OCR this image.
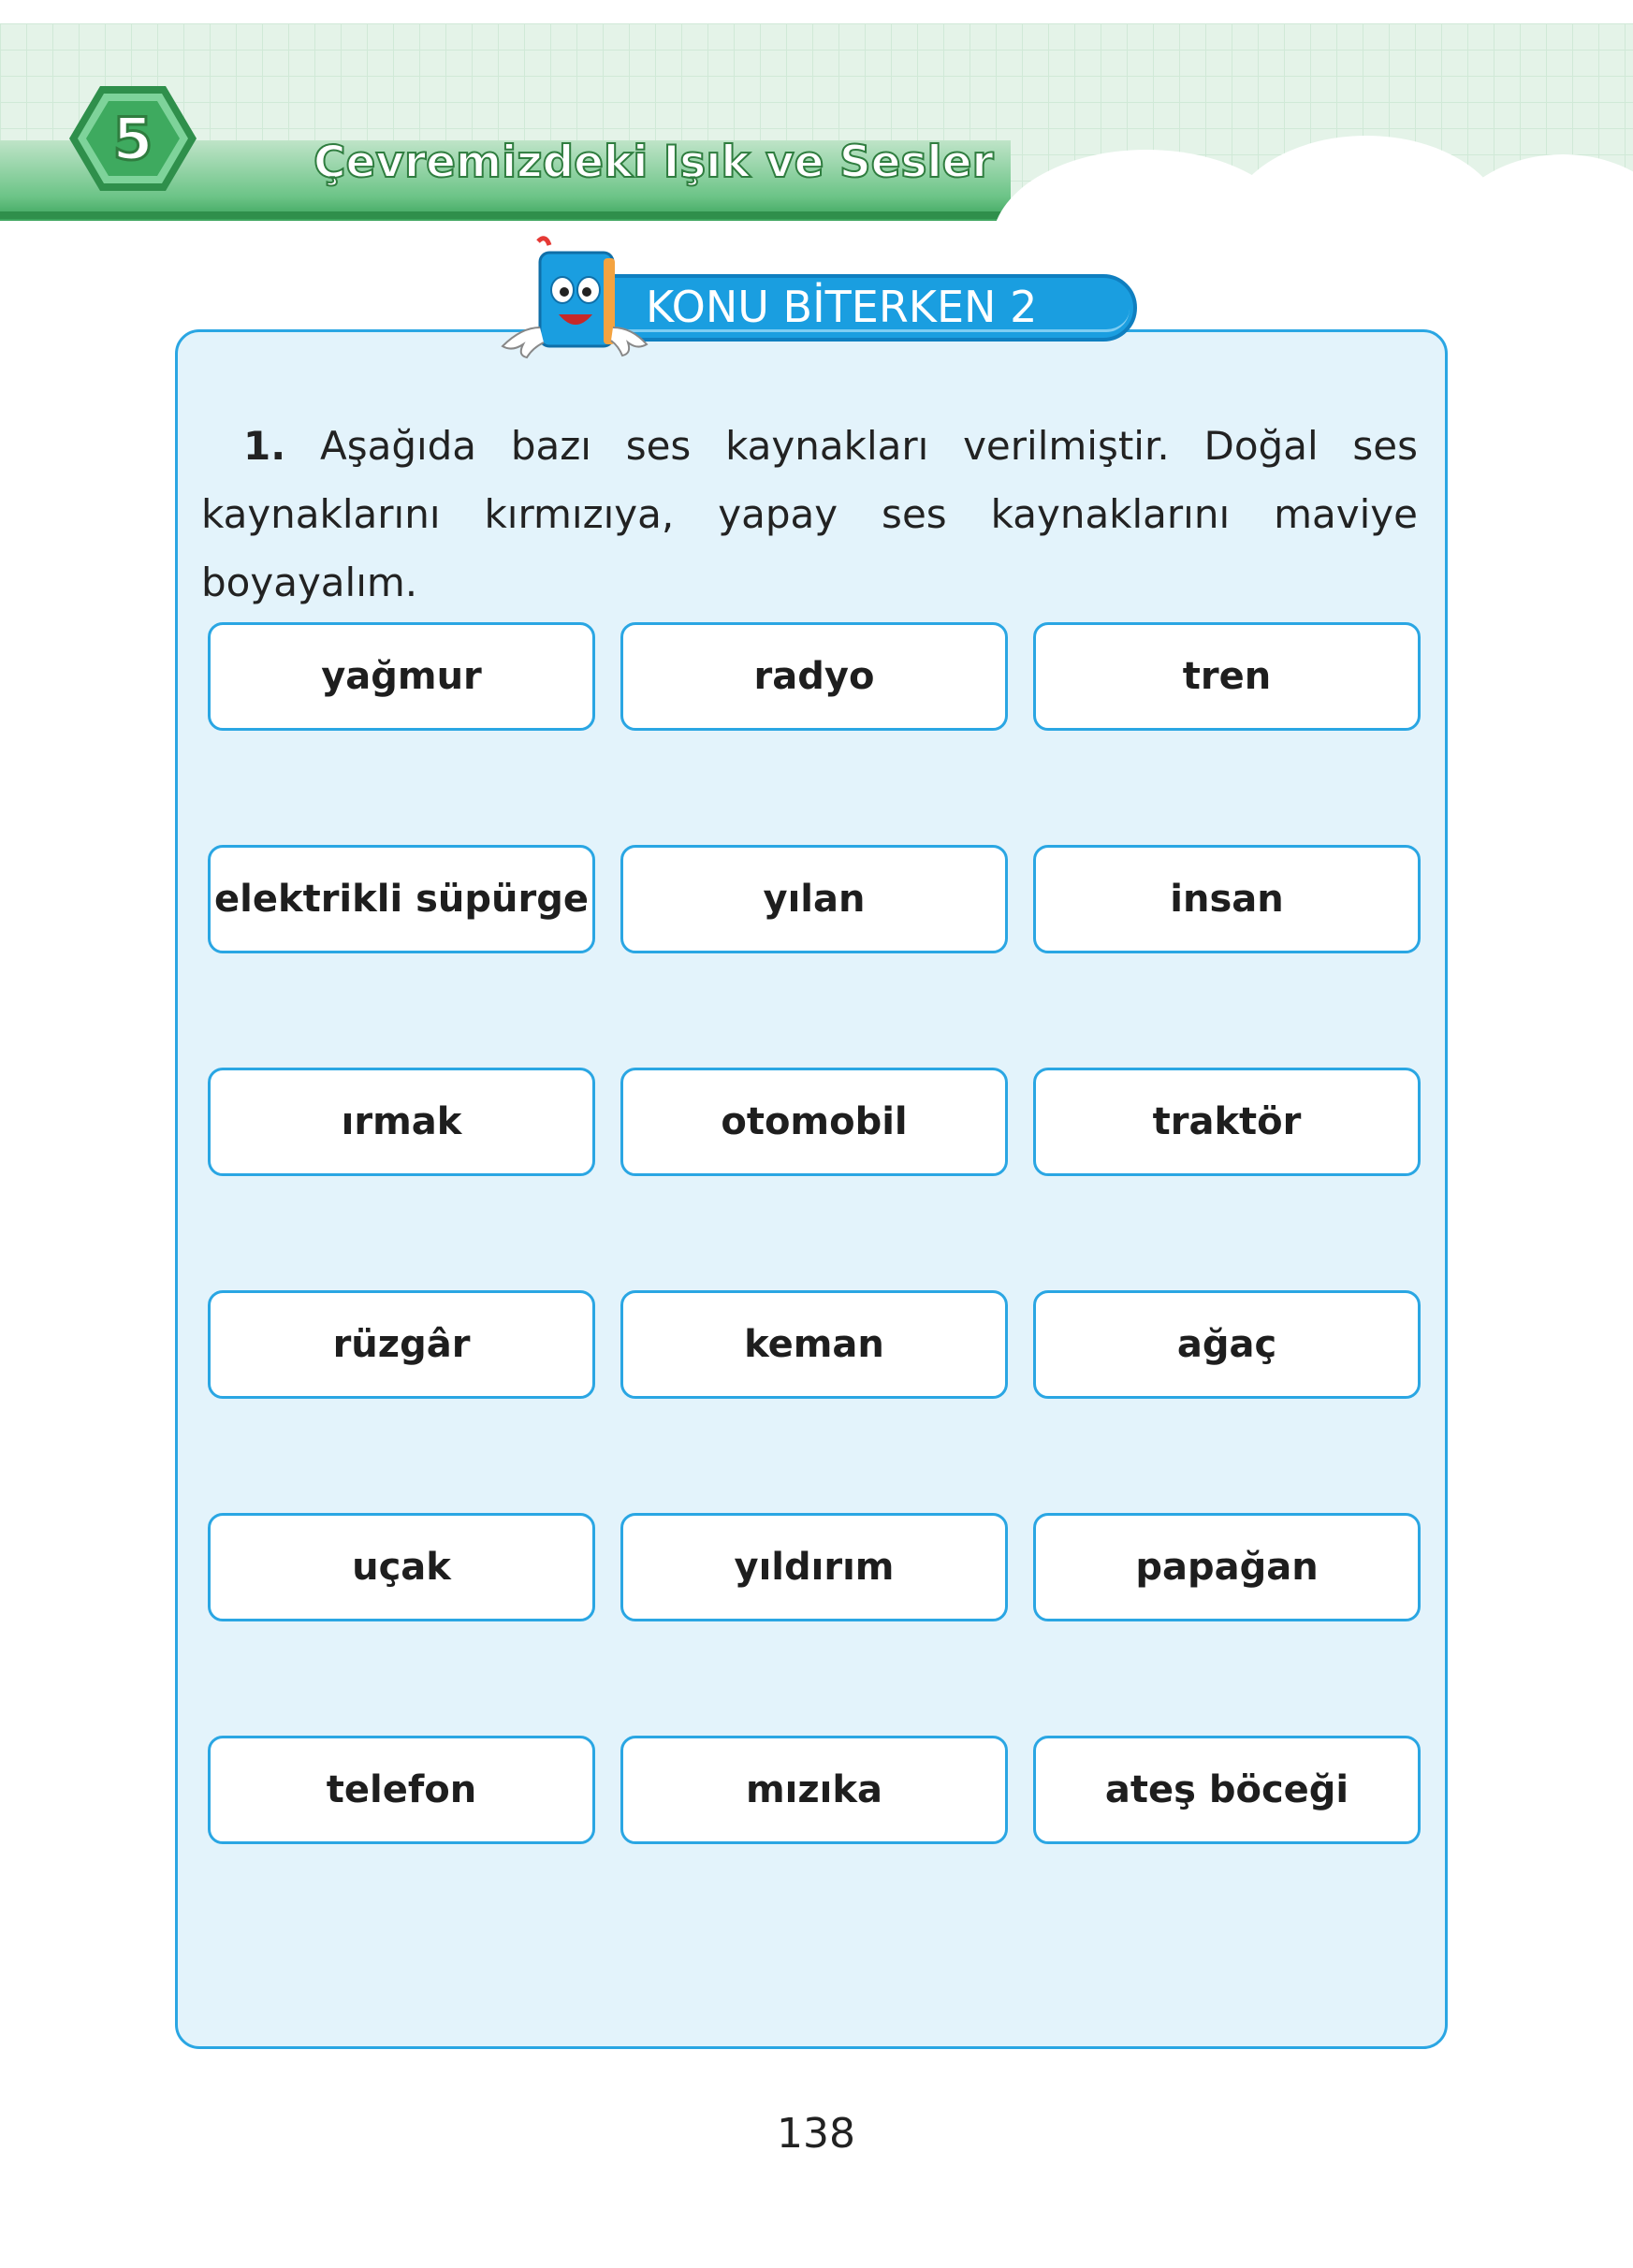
5	Çevremizdeki Işık ve Sesler
KONU BİTERKEN 2
1. Aşağıda bazı ses kaynakları verilmiştir. Doğal ses kaynaklarını kırmızıya, yapay ses kaynaklarını maviye boyayalım.
yağmur	radyo	tren
elektrikli süpürge	yılan	insan
ırmak	otomobil	traktör
rüzgâr	keman	ağaç
uçak	yıldırım	papağan
telefon	mızıka	ateş böceği
138
